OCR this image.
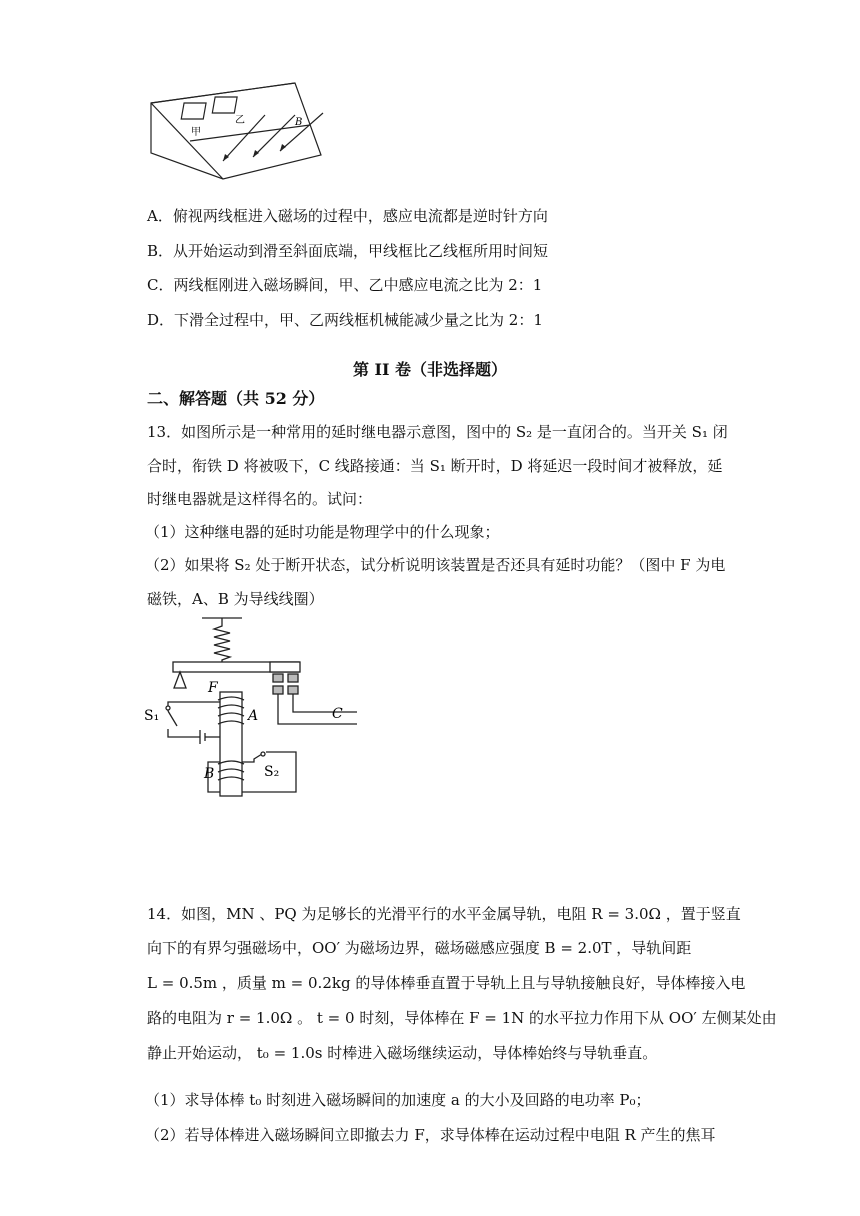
甲
乙	B
A．俯视两线框进入磁场的过程中，感应电流都是逆时针方向
B．从开始运动到滑至斜面底端，甲线框比乙线框所用时间短
C．两线框刚进入磁场瞬间，甲、乙中感应电流之比为 2：1
D．下滑全过程中，甲、乙两线框机械能减少量之比为 2：1
第 II 卷（非选择题）
二、解答题（共 52 分）
13．如图所示是一种常用的延时继电器示意图，图中的 S₂ 是一直闭合的。当开关 S₁ 闭
合时，衔铁 D 将被吸下，C 线路接通：当 S₁ 断开时，D 将延迟一段时间才被释放，延
时继电器就是这样得名的。试问：
（1）这种继电器的延时功能是物理学中的什么现象；
（2）如果将 S₂ 处于断开状态，试分析说明该装置是否还具有延时功能？（图中 F 为电
磁铁，A、B 为导线线圈）
F
A
B
C
S₁
S₂
14．如图，MN 、PQ 为足够长的光滑平行的水平金属导轨，电阻 R = 3.0Ω ，置于竖直
向下的有界匀强磁场中，OO′ 为磁场边界，磁场磁感应强度 B = 2.0T ，导轨间距
L = 0.5m ，质量 m = 0.2kg 的导体棒垂直置于导轨上且与导轨接触良好，导体棒接入电
路的电阻为 r = 1.0Ω 。 t = 0 时刻，导体棒在 F = 1N 的水平拉力作用下从 OO′ 左侧某处由
静止开始运动， t₀ = 1.0s 时棒进入磁场继续运动，导体棒始终与导轨垂直。
（1）求导体棒 t₀ 时刻进入磁场瞬间的加速度 a 的大小及回路的电功率 P₀；
（2）若导体棒进入磁场瞬间立即撤去力 F，求导体棒在运动过程中电阻 R 产生的焦耳
